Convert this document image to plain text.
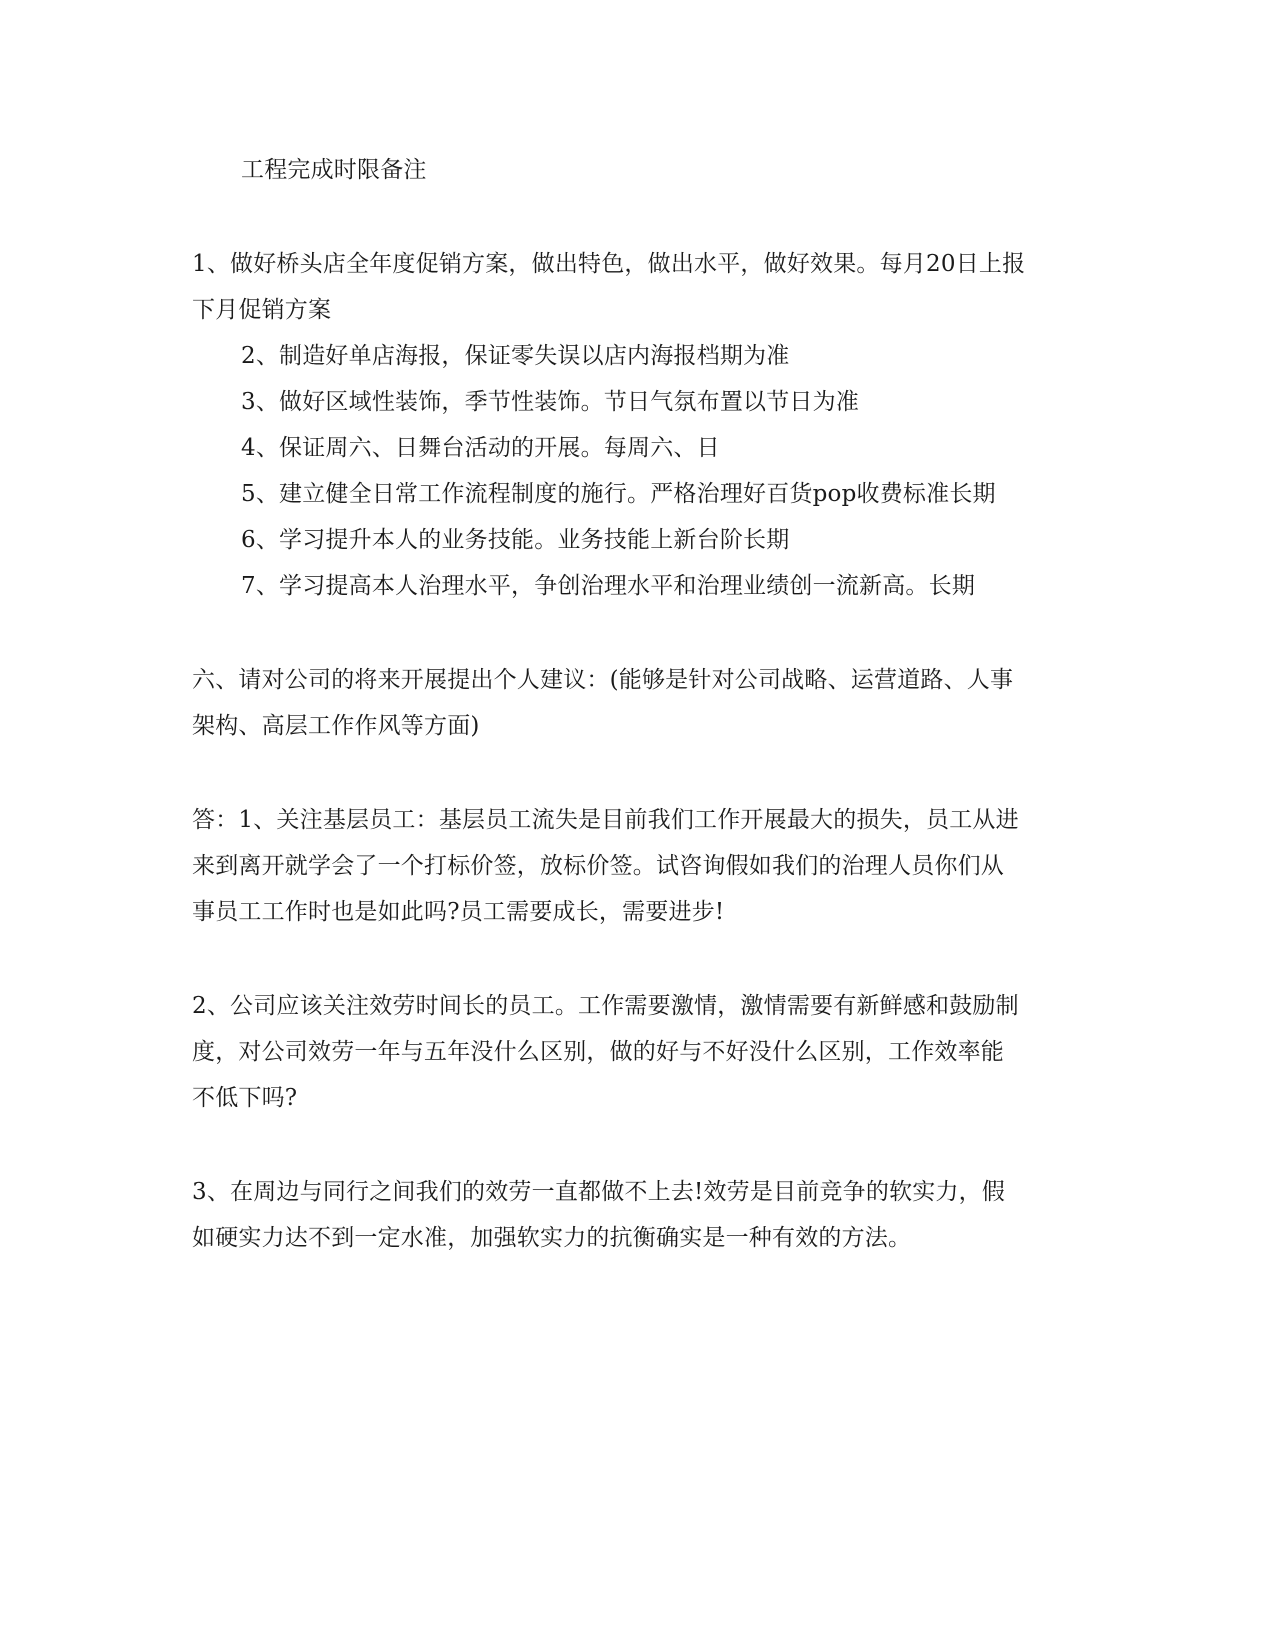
工程完成时限备注
1、做好桥头店全年度促销方案，做出特色，做出水平，做好效果。每月20日上报
下月促销方案
2、制造好单店海报，保证零失误以店内海报档期为准
3、做好区域性装饰，季节性装饰。节日气氛布置以节日为准
4、保证周六、日舞台活动的开展。每周六、日
5、建立健全日常工作流程制度的施行。严格治理好百货pop收费标准长期
6、学习提升本人的业务技能。业务技能上新台阶长期
7、学习提高本人治理水平，争创治理水平和治理业绩创一流新高。长期
六、请对公司的将来开展提出个人建议：(能够是针对公司战略、运营道路、人事
架构、高层工作作风等方面)
答：1、关注基层员工：基层员工流失是目前我们工作开展最大的损失，员工从进
来到离开就学会了一个打标价签，放标价签。试咨询假如我们的治理人员你们从
事员工工作时也是如此吗?员工需要成长，需要进步!
2、公司应该关注效劳时间长的员工。工作需要激情，激情需要有新鲜感和鼓励制
度，对公司效劳一年与五年没什么区别，做的好与不好没什么区别，工作效率能
不低下吗?
3、在周边与同行之间我们的效劳一直都做不上去!效劳是目前竞争的软实力，假
如硬实力达不到一定水准，加强软实力的抗衡确实是一种有效的方法。
